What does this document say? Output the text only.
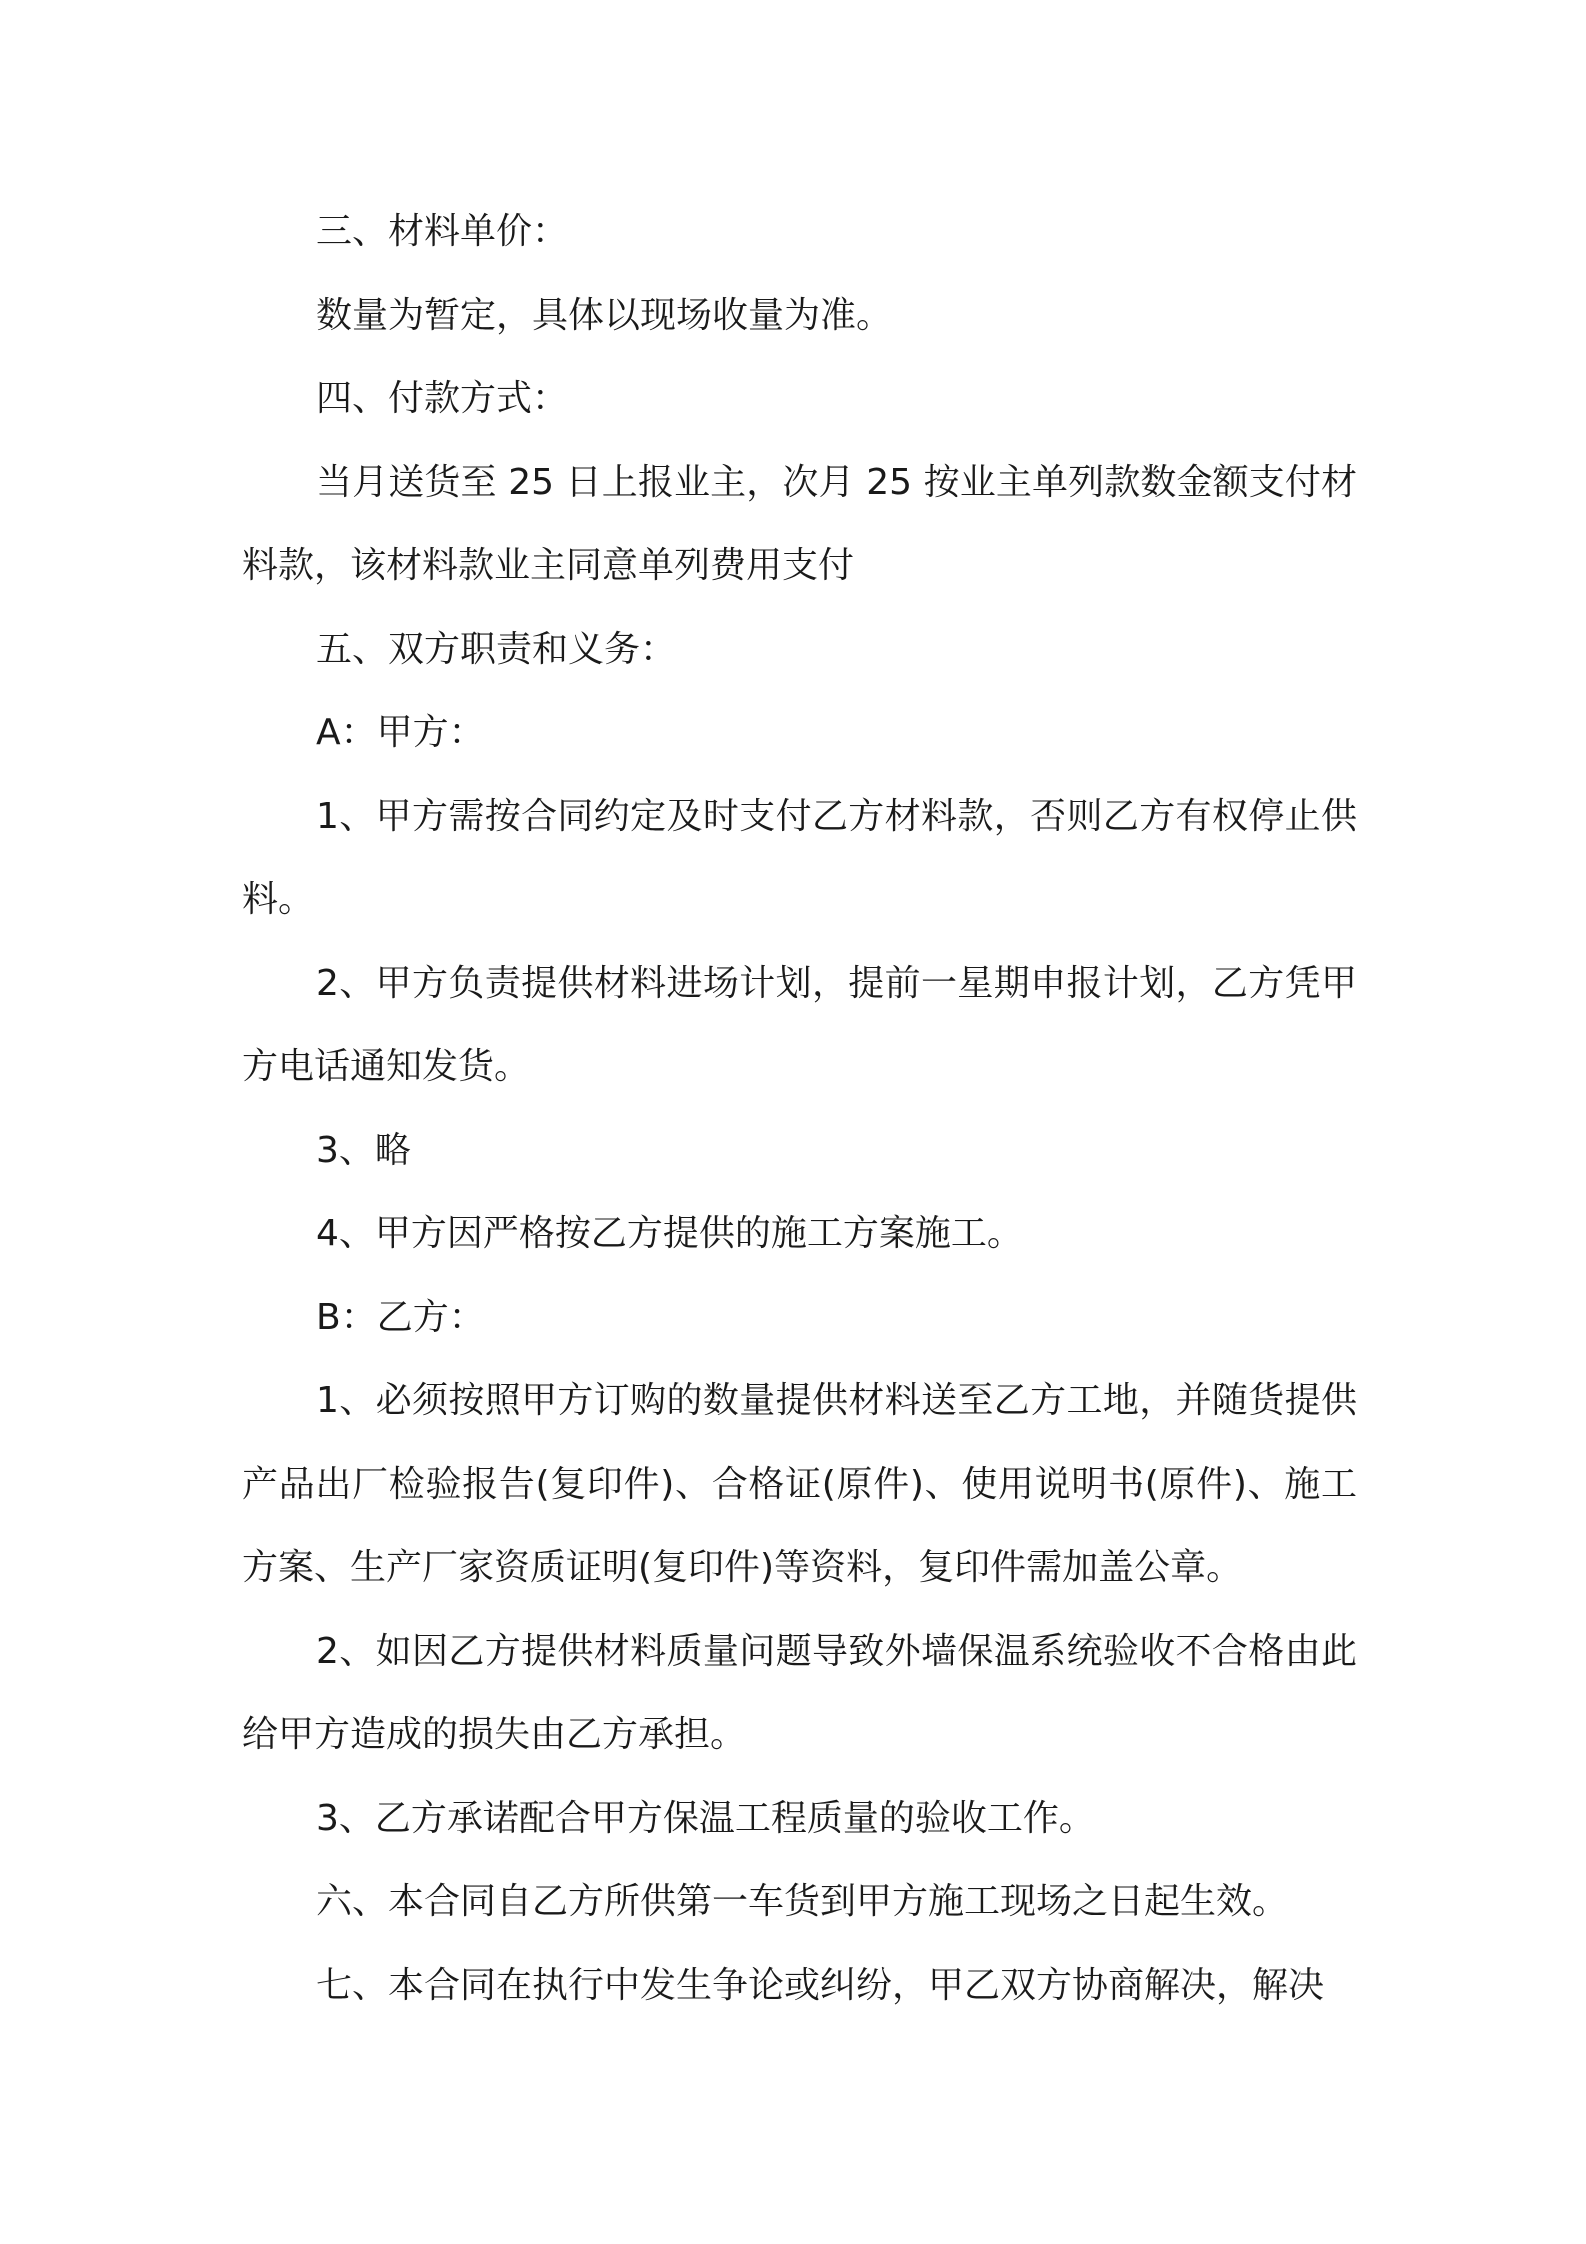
三、材料单价：

数量为暂定，具体以现场收量为准。

四、付款方式：

当月送货至 25 日上报业主，次月 25 按业主单列款数金额支付材料款，该材料款业主同意单列费用支付

五、双方职责和义务：

A：甲方：

1、甲方需按合同约定及时支付乙方材料款，否则乙方有权停止供料。

2、甲方负责提供材料进场计划，提前一星期申报计划，乙方凭甲方电话通知发货。

3、略

4、甲方因严格按乙方提供的施工方案施工。

B：乙方：

1、必须按照甲方订购的数量提供材料送至乙方工地，并随货提供产品出厂检验报告(复印件)、合格证(原件)、使用说明书(原件)、施工方案、生产厂家资质证明(复印件)等资料，复印件需加盖公章。

2、如因乙方提供材料质量问题导致外墙保温系统验收不合格由此给甲方造成的损失由乙方承担。

3、乙方承诺配合甲方保温工程质量的验收工作。

六、本合同自乙方所供第一车货到甲方施工现场之日起生效。

七、本合同在执行中发生争论或纠纷，甲乙双方协商解决，解决
